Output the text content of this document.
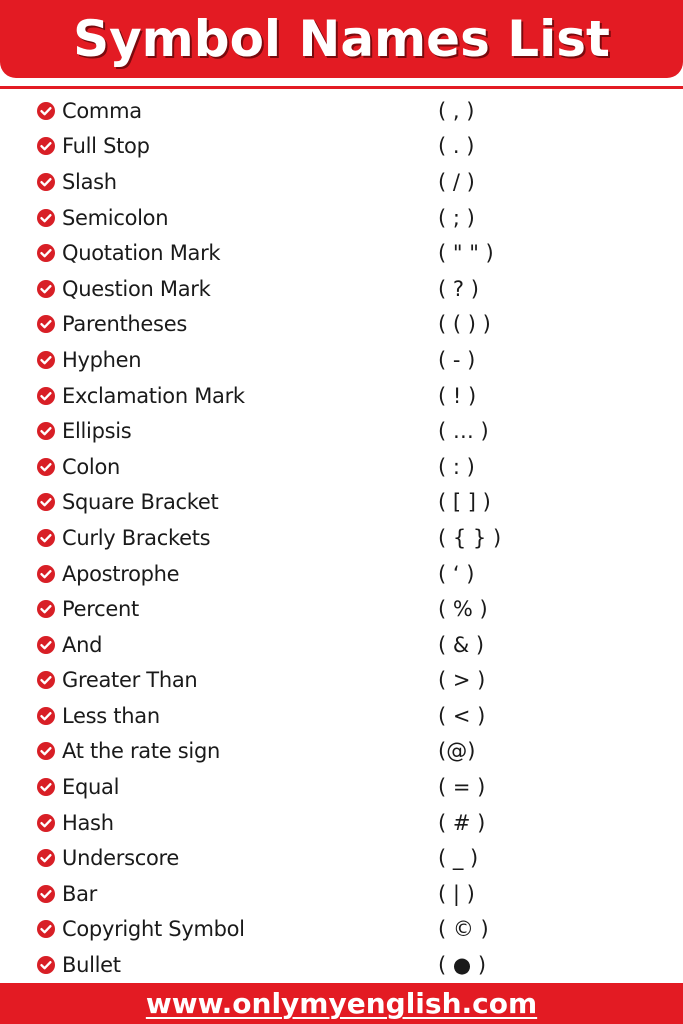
Symbol Names List
Comma	( , )
Full Stop	( . )
Slash	( / )
Semicolon	( ; )
Quotation Mark	( " " )
Question Mark	( ? )
Parentheses	( ( ) )
Hyphen	( - )
Exclamation Mark	( ! )
Ellipsis	( … )
Colon	( : )
Square Bracket	( [ ] )
Curly Brackets	( { } )
Apostrophe	( ‘ )
Percent	( % )
And	( & )
Greater Than	( > )
Less than	( < )
At the rate sign	(@)
Equal	( = )
Hash	( # )
Underscore	( _ )
Bar	( | )
Copyright Symbol	( © )
Bullet	( ● )
www.onlymyenglish.com
